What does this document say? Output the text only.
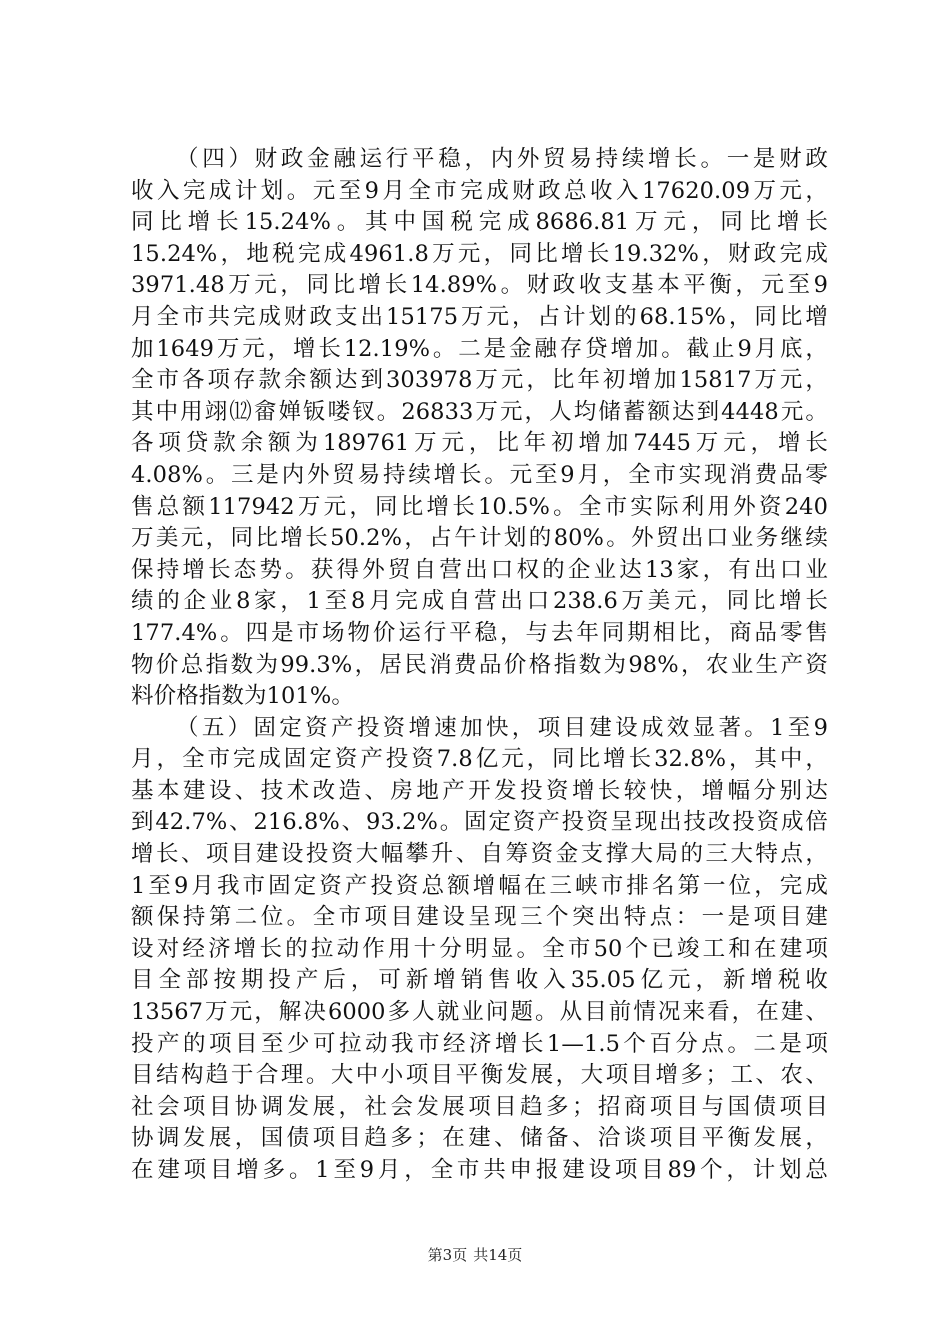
（四）财政金融运行平稳，内外贸易持续增长。一是财政
收入完成计划。元至9月全市完成财政总收入17620.09万元，
同比增长15.24%。其中国税完成8686.81万元，同比增长
15.24%，地税完成4961.8万元，同比增长19.32%，财政完成
3971.48万元，同比增长14.89%。财政收支基本平衡，元至9
月全市共完成财政支出15175万元，占计划的68.15%，同比增
加1649万元，增长12.19%。二是金融存贷增加。截止9月底，
全市各项存款余额达到303978万元，比年初增加15817万元，
其中用翊⑿畲婵钣喽钗。26833万元，人均储蓄额达到4448元。
各项贷款余额为189761万元，比年初增加7445万元，增长
4.08%。三是内外贸易持续增长。元至9月，全市实现消费品零
售总额117942万元，同比增长10.5%。全市实际利用外资240
万美元，同比增长50.2%，占午计划的80%。外贸出口业务继续
保持增长态势。获得外贸自营出口权的企业达13家，有出口业
绩的企业8家，1至8月完成自营出口238.6万美元，同比增长
177.4%。四是市场物价运行平稳，与去年同期相比，商品零售
物价总指数为99.3%，居民消费品价格指数为98%，农业生产资
料价格指数为101%。
（五）固定资产投资增速加快，项目建设成效显著。1至9
月，全市完成固定资产投资7.8亿元，同比增长32.8%，其中，
基本建设、技术改造、房地产开发投资增长较快，增幅分别达
到42.7%、216.8%、93.2%。固定资产投资呈现出技改投资成倍
增长、项目建设投资大幅攀升、自筹资金支撑大局的三大特点，
1至9月我市固定资产投资总额增幅在三峡市排名第一位，完成
额保持第二位。全市项目建设呈现三个突出特点：一是项目建
设对经济增长的拉动作用十分明显。全市50个已竣工和在建项
目全部按期投产后，可新增销售收入35.05亿元，新增税收
13567万元，解决6000多人就业问题。从目前情况来看，在建、
投产的项目至少可拉动我市经济增长1—1.5个百分点。二是项
目结构趋于合理。大中小项目平衡发展，大项目增多；工、农、
社会项目协调发展，社会发展项目趋多；招商项目与国债项目
协调发展，国债项目趋多；在建、储备、洽谈项目平衡发展，
在建项目增多。1至9月，全市共申报建设项目89个，计划总
第3页 共14页
